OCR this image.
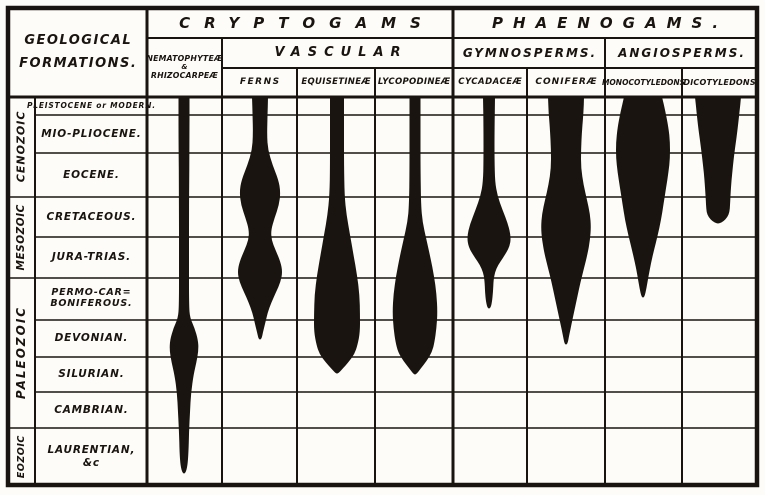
GEOLOGICAL
FORMATIONS.
CRYPTOGAMS	PHAENOGAMS.
NEMATOPHYTEÆ
&
RHIZOCARPEÆ
VASCULAR	GYMNOSPERMS. ANGIOSPERMS.
FERNS EQUISETINEÆ LYCOPODINEÆ CYCADACEÆ CONIFERÆ MONOCOTYLEDONS
DICOTYLEDONS
CENOZOIC
MESOZOIC
PALEOZOIC
EOZOIC
PLEISTOCENE or MODERN.
MIO-PLIOCENE.
EOCENE.
CRETACEOUS.
JURA-TRIAS.
PERMO-CAR=
BONIFEROUS.
DEVONIAN.
SILURIAN.
CAMBRIAN.
LAURENTIAN,
&c
